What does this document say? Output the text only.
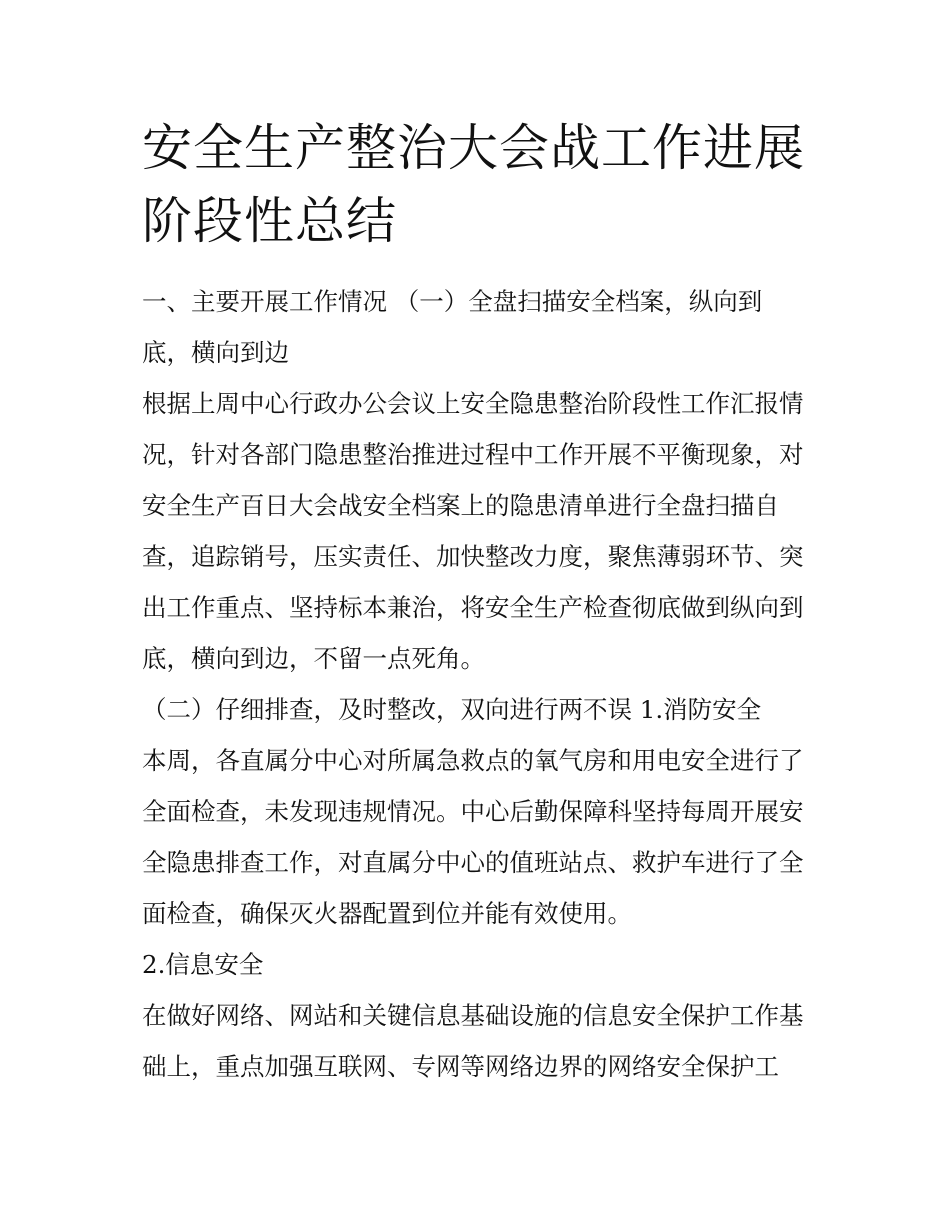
安全生产整治大会战工作进展阶段性总结

一、主要开展工作情况 （一）全盘扫描安全档案，纵向到底，横向到边

根据上周中心行政办公会议上安全隐患整治阶段性工作汇报情况，针对各部门隐患整治推进过程中工作开展不平衡现象，对安全生产百日大会战安全档案上的隐患清单进行全盘扫描自查，追踪销号，压实责任、加快整改力度，聚焦薄弱环节、突出工作重点、坚持标本兼治，将安全生产检查彻底做到纵向到底，横向到边，不留一点死角。

（二）仔细排查，及时整改，双向进行两不误 1.消防安全

本周，各直属分中心对所属急救点的氧气房和用电安全进行了全面检查，未发现违规情况。中心后勤保障科坚持每周开展安全隐患排查工作，对直属分中心的值班站点、救护车进行了全面检查，确保灭火器配置到位并能有效使用。

2.信息安全

在做好网络、网站和关键信息基础设施的信息安全保护工作基础上，重点加强互联网、专网等网络边界的网络安全保护工
